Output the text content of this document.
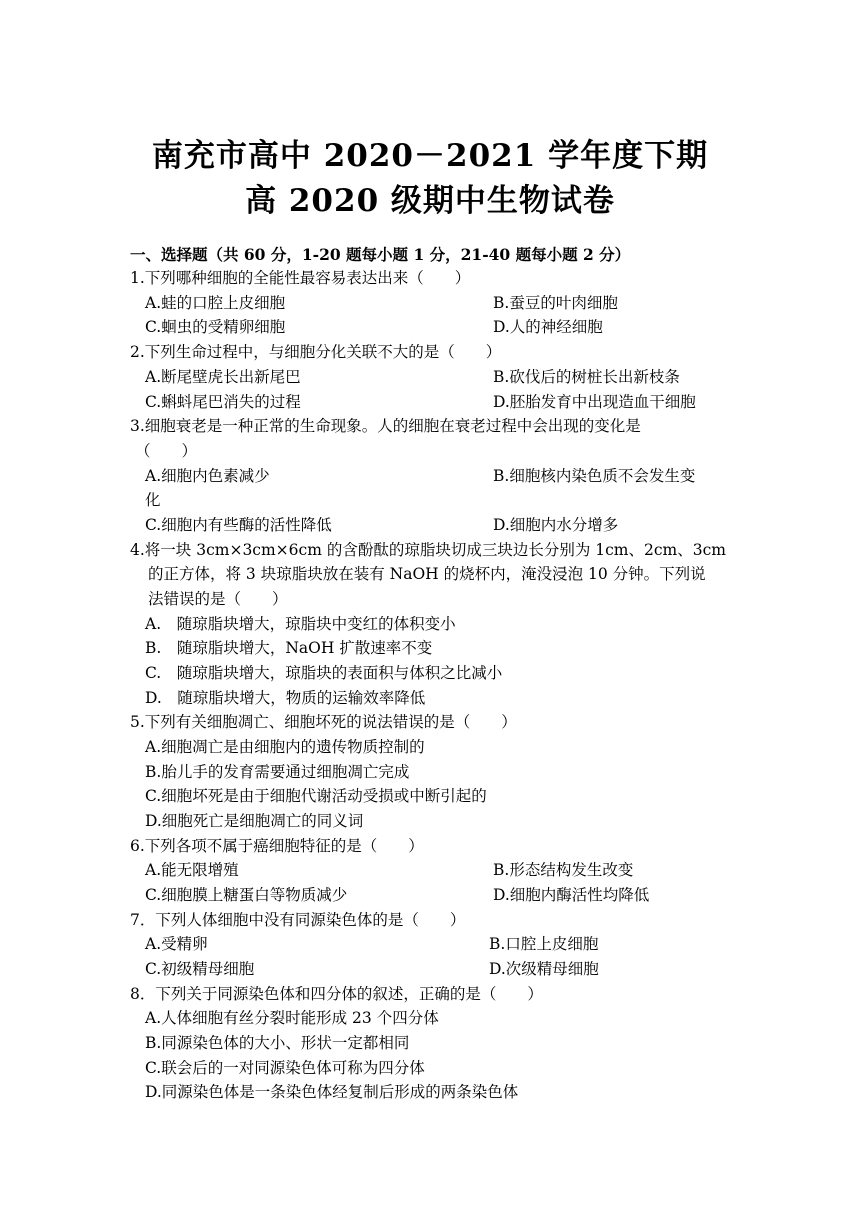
南充市高中 2020－2021 学年度下期
高 2020 级期中生物试卷
一、选择题（共 60 分，1-20 题每小题 1 分，21-40 题每小题 2 分）
1.下列哪种细胞的全能性最容易表达出来（　　）
A.蛙的口腔上皮细胞	B.蚕豆的叶肉细胞
C.蛔虫的受精卵细胞	D.人的神经细胞
2.下列生命过程中，与细胞分化关联不大的是（　　）
A.断尾壁虎长出新尾巴	B.砍伐后的树桩长出新枝条
C.蝌蚪尾巴消失的过程	D.胚胎发育中出现造血干细胞
3.细胞衰老是一种正常的生命现象。人的细胞在衰老过程中会出现的变化是
（　　）
A.细胞内色素减少	B.细胞核内染色质不会发生变
化
C.细胞内有些酶的活性降低	D.细胞内水分增多
4.将一块 3cm×3cm×6cm 的含酚酞的琼脂块切成三块边长分别为 1cm、2cm、3cm
的正方体，将 3 块琼脂块放在装有 NaOH 的烧杯内，淹没浸泡 10 分钟。下列说
法错误的是（　　）
A.　随琼脂块增大，琼脂块中变红的体积变小
B.　随琼脂块增大，NaOH 扩散速率不变
C.　随琼脂块增大，琼脂块的表面积与体积之比减小
D.　随琼脂块增大，物质的运输效率降低
5.下列有关细胞凋亡、细胞坏死的说法错误的是（　　）
A.细胞凋亡是由细胞内的遗传物质控制的
B.胎儿手的发育需要通过细胞凋亡完成
C.细胞坏死是由于细胞代谢活动受损或中断引起的
D.细胞死亡是细胞凋亡的同义词
6.下列各项不属于癌细胞特征的是（　　）
A.能无限增殖	B.形态结构发生改变
C.细胞膜上糖蛋白等物质减少	D.细胞内酶活性均降低
7．下列人体细胞中没有同源染色体的是（　　）
A.受精卵	B.口腔上皮细胞
C.初级精母细胞	D.次级精母细胞
8．下列关于同源染色体和四分体的叙述，正确的是（　　）
A.人体细胞有丝分裂时能形成 23 个四分体
B.同源染色体的大小、形状一定都相同
C.联会后的一对同源染色体可称为四分体
D.同源染色体是一条染色体经复制后形成的两条染色体
